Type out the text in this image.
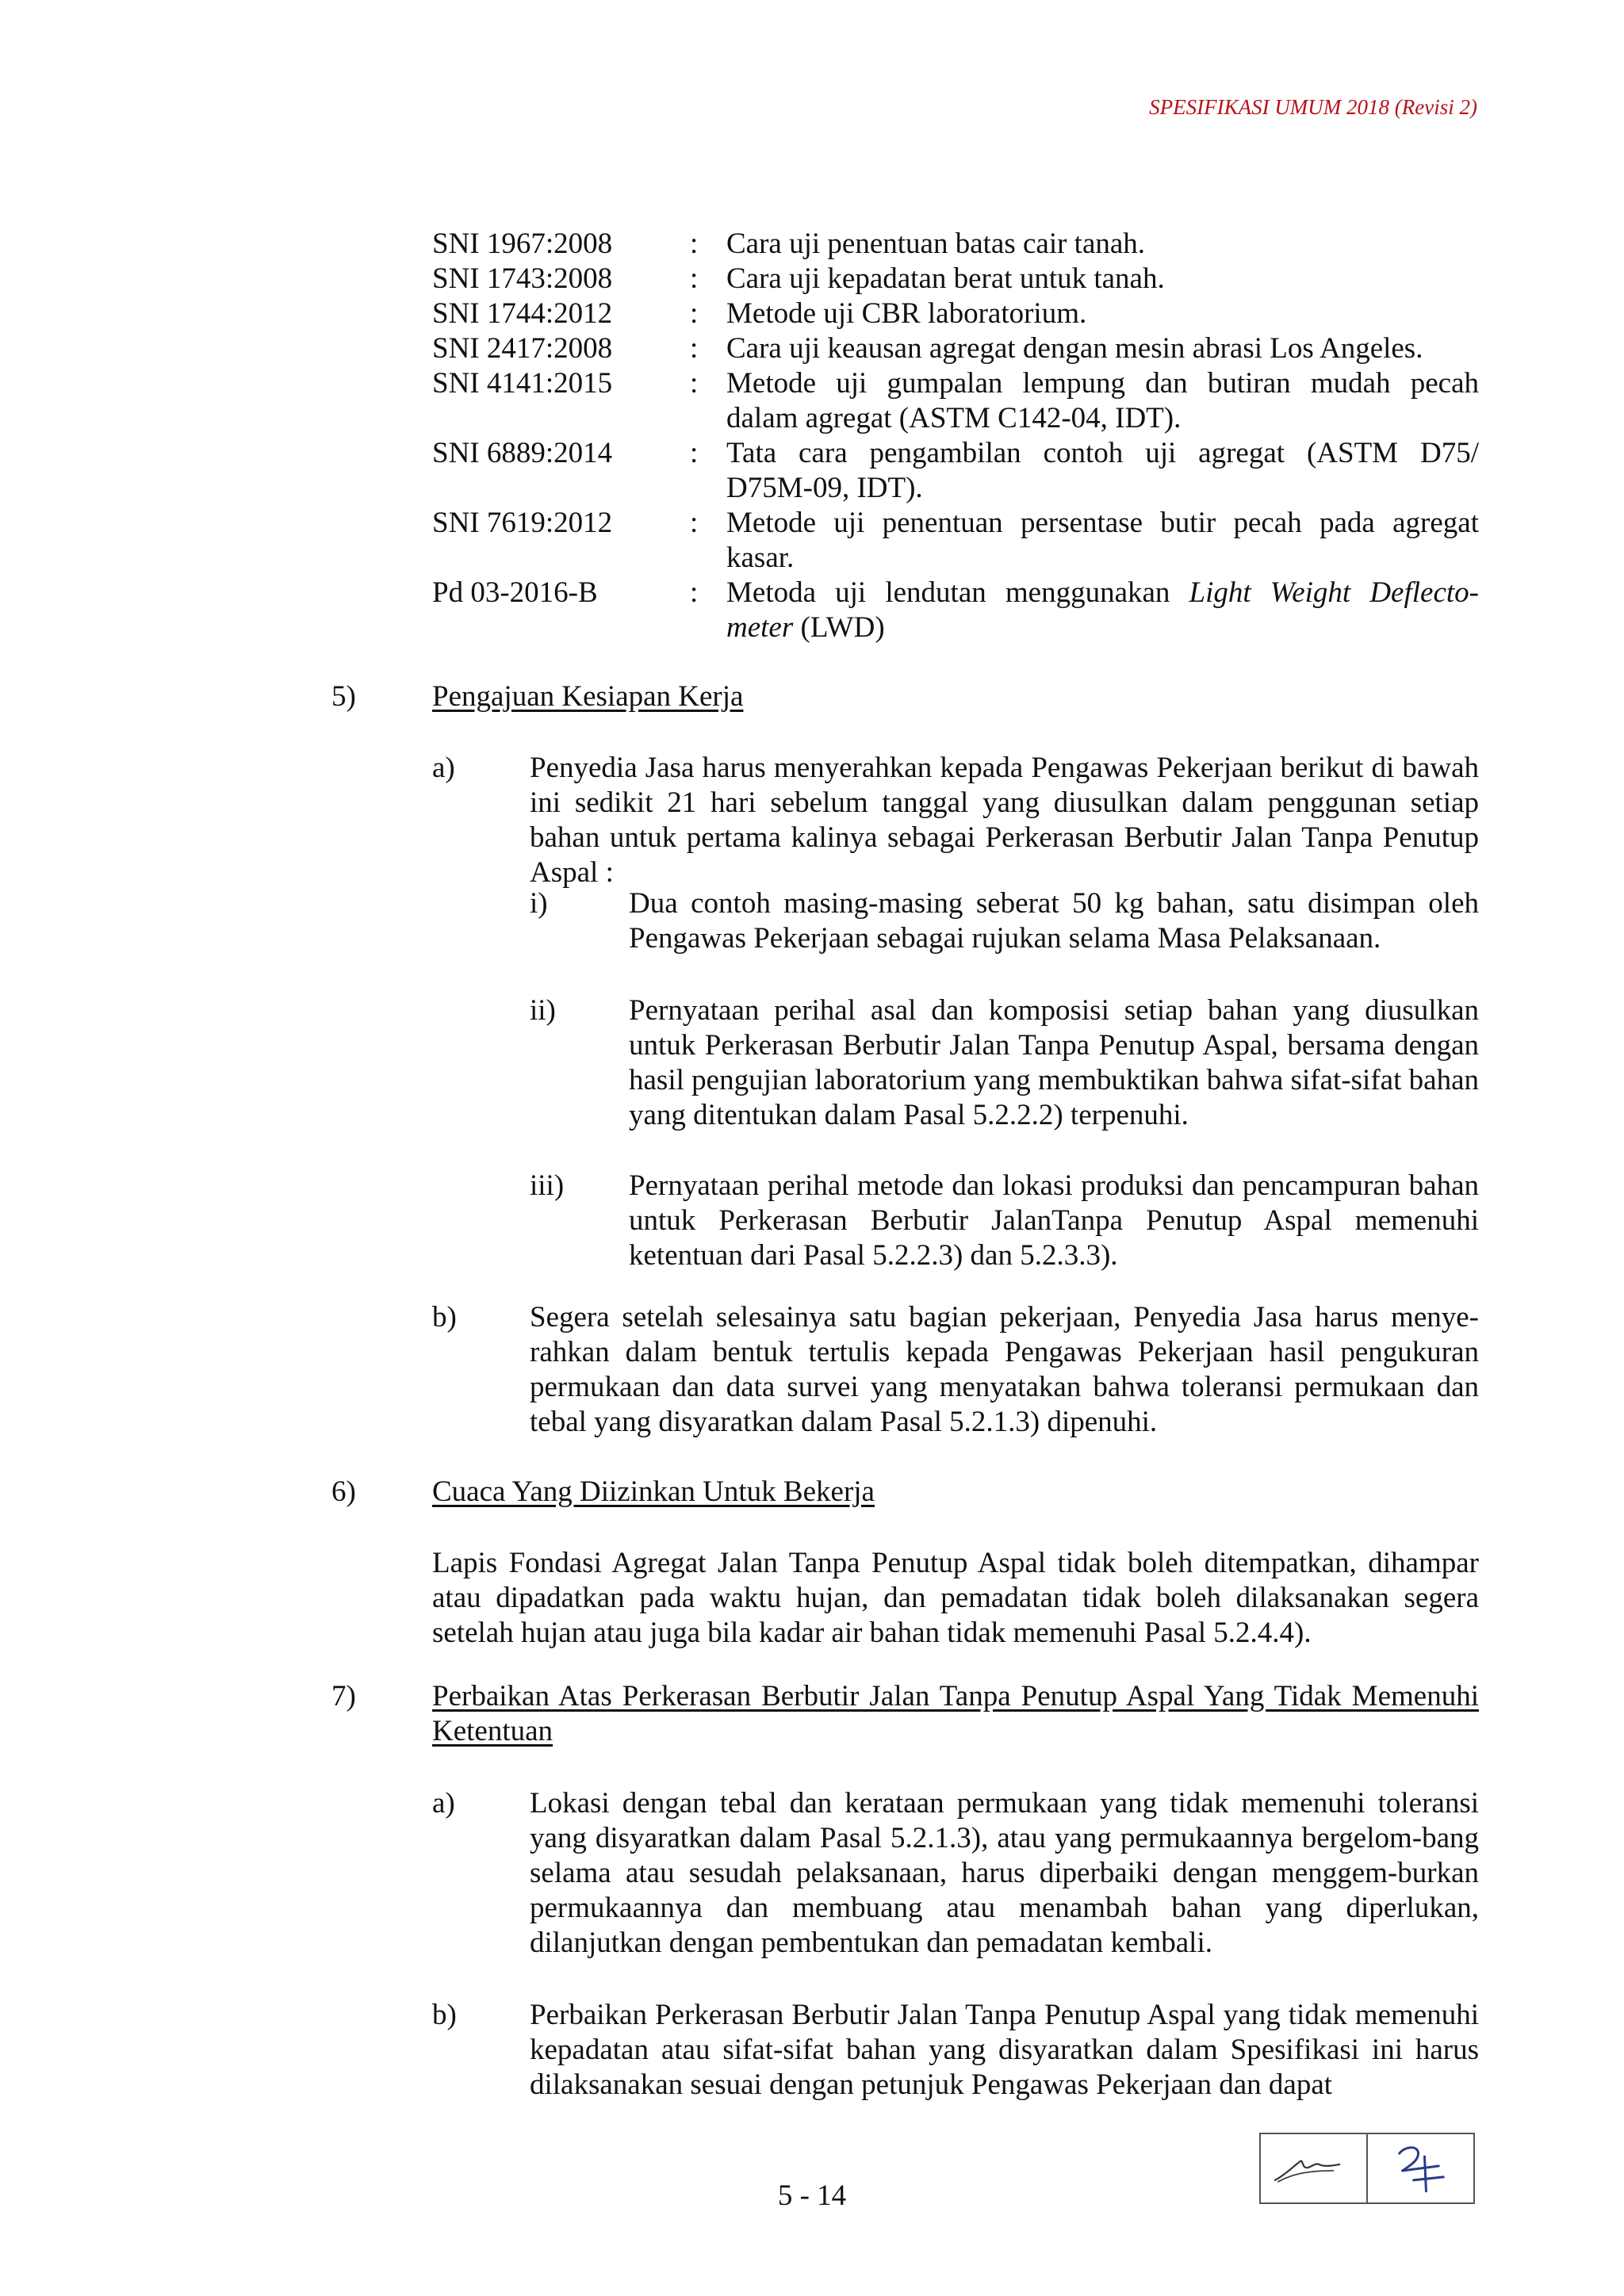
SPESIFIKASI UMUM 2018 (Revisi 2)
SNI 1967:2008	: Cara uji penentuan batas cair tanah.
SNI 1743:2008	: Cara uji kepadatan berat untuk tanah.
SNI 1744:2012	: Metode uji CBR laboratorium.
SNI 2417:2008	: Cara uji keausan agregat dengan mesin abrasi Los Angeles.
SNI 4141:2015	: Metode uji gumpalan lempung dan butiran mudah pecah
dalam agregat (ASTM C142-04, IDT).
SNI 6889:2014	: Tata cara pengambilan contoh uji agregat (ASTM D75/
D75M-09, IDT).
SNI 7619:2012	: Metode uji penentuan persentase butir pecah pada agregat
kasar.
Pd 03-2016-B	: Metoda uji lendutan menggunakan Light Weight Deflecto-
meter (LWD)
5)	Pengajuan Kesiapan Kerja
a)	Penyedia Jasa harus menyerahkan kepada Pengawas Pekerjaan berikut di bawah ini sedikit 21 hari sebelum tanggal yang diusulkan dalam penggunan setiap bahan untuk pertama kalinya sebagai Perkerasan Berbutir Jalan Tanpa Penutup Aspal :
i)	Dua contoh masing-masing seberat 50 kg bahan, satu disimpan oleh Pengawas Pekerjaan sebagai rujukan selama Masa Pelaksanaan.
ii) Pernyataan perihal asal dan komposisi setiap bahan yang diusulkan untuk Perkerasan Berbutir Jalan Tanpa Penutup Aspal, bersama dengan hasil pengujian laboratorium yang membuktikan bahwa sifat-sifat bahan yang ditentukan dalam Pasal 5.2.2.2) terpenuhi.
iii) Pernyataan perihal metode dan lokasi produksi dan pencampuran bahan untuk Perkerasan Berbutir JalanTanpa Penutup Aspal memenuhi ketentuan dari Pasal 5.2.2.3) dan 5.2.3.3).
b) Segera setelah selesainya satu bagian pekerjaan, Penyedia Jasa harus menye-rahkan dalam bentuk tertulis kepada Pengawas Pekerjaan hasil pengukuran permukaan dan data survei yang menyatakan bahwa toleransi permukaan dan tebal yang disyaratkan dalam Pasal 5.2.1.3) dipenuhi.
6)	Cuaca Yang Diizinkan Untuk Bekerja
Lapis Fondasi Agregat Jalan Tanpa Penutup Aspal tidak boleh ditempatkan, dihampar atau dipadatkan pada waktu hujan, dan pemadatan tidak boleh dilaksanakan segera setelah hujan atau juga bila kadar air bahan tidak memenuhi Pasal 5.2.4.4).
7)	Perbaikan Atas Perkerasan Berbutir Jalan Tanpa Penutup Aspal Yang Tidak Memenuhi
Ketentuan
a)	Lokasi dengan tebal dan kerataan permukaan yang tidak memenuhi toleransi yang disyaratkan dalam Pasal 5.2.1.3), atau yang permukaannya bergelom-bang selama atau sesudah pelaksanaan, harus diperbaiki dengan menggem-burkan permukaannya dan membuang atau menambah bahan yang diperlukan, dilanjutkan dengan pembentukan dan pemadatan kembali.
b) Perbaikan Perkerasan Berbutir Jalan Tanpa Penutup Aspal yang tidak memenuhi kepadatan atau sifat-sifat bahan yang disyaratkan dalam Spesifikasi ini harus dilaksanakan sesuai dengan petunjuk Pengawas Pekerjaan dan dapat
5 - 14
